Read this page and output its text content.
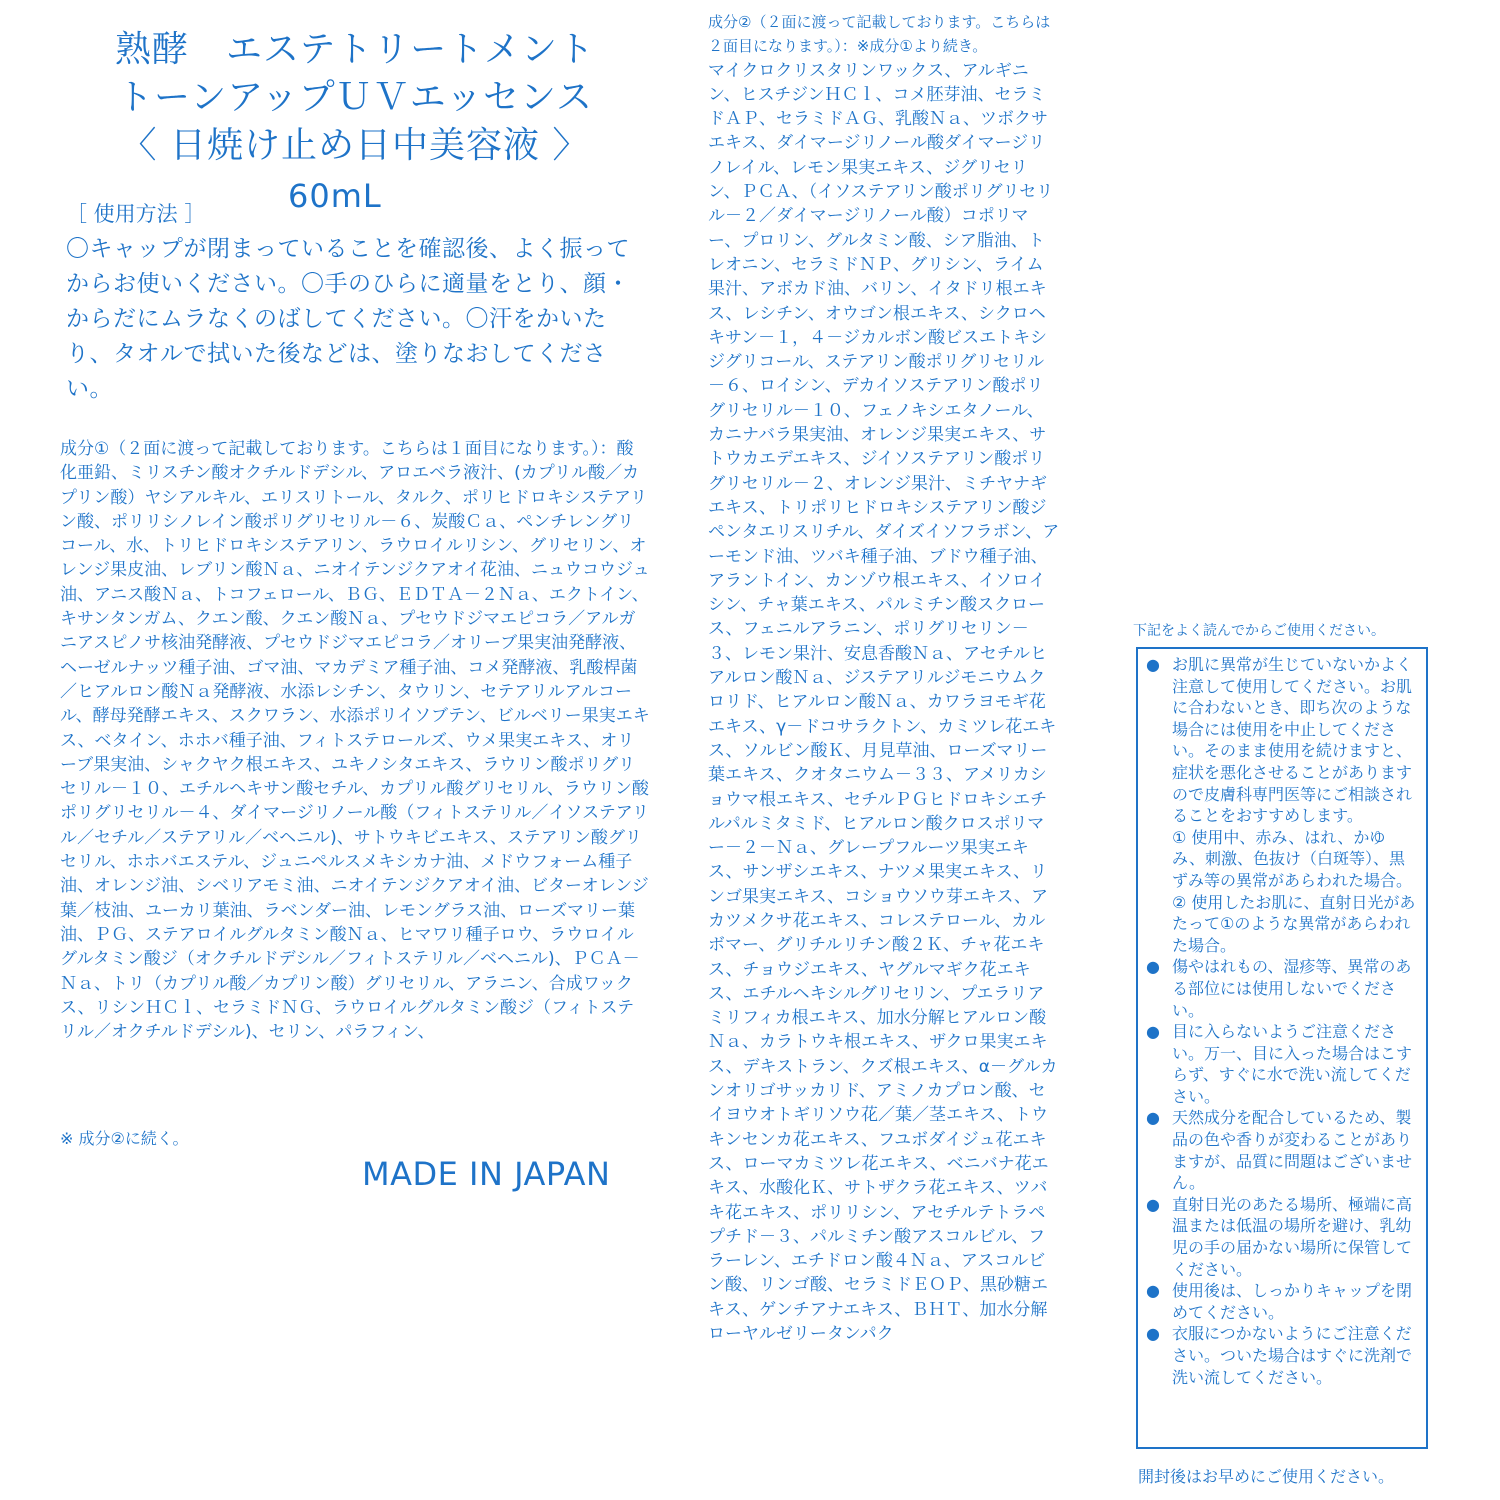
熟酵　エステトリートメント
トーンアップＵＶエッセンス
〈 日焼け止め日中美容液 〉
60mL
［ 使用方法 ］
〇キャップが閉まっていることを確認後、よく振ってからお使いください。〇手のひらに適量をとり、顔・からだにムラなくのばしてください。〇汗をかいたり、タオルで拭いた後などは、塗りなおしてください。
成分①（２面に渡って記載しております。こちらは１面目になります。）：酸化亜鉛、ミリスチン酸オクチルドデシル、アロエベラ液汁、(カプリル酸／カプリン酸）ヤシアルキル、エリスリトール、タルク、ポリヒドロキシステアリン酸、ポリリシノレイン酸ポリグリセリル－６、炭酸Ｃａ、ペンチレングリコール、水、トリヒドロキシステアリン、ラウロイルリシン、グリセリン、オレンジ果皮油、レブリン酸Ｎａ、ニオイテンジクアオイ花油、ニュウコウジュ油、アニス酸Ｎａ、トコフェロール、ＢＧ、ＥＤＴＡ－２Ｎａ、エクトイン、キサンタンガム、クエン酸、クエン酸Ｎａ、プセウドジマエピコラ／アルガニアスピノサ核油発酵液、プセウドジマエピコラ／オリーブ果実油発酵液、ヘーゼルナッツ種子油、ゴマ油、マカデミア種子油、コメ発酵液、乳酸桿菌／ヒアルロン酸Ｎａ発酵液、水添レシチン、タウリン、セテアリルアルコール、酵母発酵エキス、スクワラン、水添ポリイソブテン、ビルベリー果実エキス、ベタイン、ホホバ種子油、フィトステロールズ、ウメ果実エキス、オリーブ果実油、シャクヤク根エキス、ユキノシタエキス、ラウリン酸ポリグリセリル－１０、エチルヘキサン酸セチル、カプリル酸グリセリル、ラウリン酸ポリグリセリル－４、ダイマージリノール酸（フィトステリル／イソステアリル／セチル／ステアリル／ベヘニル)、サトウキビエキス、ステアリン酸グリセリル、ホホバエステル、ジュニペルスメキシカナ油、メドウフォーム種子油、オレンジ油、シベリアモミ油、ニオイテンジクアオイ油、ビターオレンジ葉／枝油、ユーカリ葉油、ラベンダー油、レモングラス油、ローズマリー葉油、ＰＧ、ステアロイルグルタミン酸Ｎａ、ヒマワリ種子ロウ、ラウロイルグルタミン酸ジ（オクチルドデシル／フィトステリル／ベヘニル)、ＰＣＡ－Ｎａ、トリ（カプリル酸／カプリン酸）グリセリル、アラニン、合成ワックス、リシンＨＣｌ、セラミドＮＧ、ラウロイルグルタミン酸ジ（フィトステリル／オクチルドデシル)、セリン、パラフィン、
※ 成分②に続く。
MADE IN JAPAN
成分②（２面に渡って記載しております。こちらは２面目になります。）：※成分①より続き。
マイクロクリスタリンワックス、アルギニン、ヒスチジンＨＣｌ、コメ胚芽油、セラミドＡＰ、セラミドＡＧ、乳酸Ｎａ、ツボクサエキス、ダイマージリノール酸ダイマージリノレイル、レモン果実エキス、ジグリセリン、ＰＣＡ、（イソステアリン酸ポリグリセリル－２／ダイマージリノール酸）コポリマー、プロリン、グルタミン酸、シア脂油、トレオニン、セラミドＮＰ、グリシン、ライム果汁、アボカド油、バリン、イタドリ根エキス、レシチン、オウゴン根エキス、シクロヘキサン－１，４－ジカルボン酸ビスエトキシジグリコール、ステアリン酸ポリグリセリル－６、ロイシン、デカイソステアリン酸ポリグリセリル－１０、フェノキシエタノール、カニナバラ果実油、オレンジ果実エキス、サトウカエデエキス、ジイソステアリン酸ポリグリセリル－２、オレンジ果汁、ミチヤナギエキス、トリポリヒドロキシステアリン酸ジペンタエリスリチル、ダイズイソフラボン、アーモンド油、ツバキ種子油、ブドウ種子油、アラントイン、カンゾウ根エキス、イソロイシン、チャ葉エキス、パルミチン酸スクロース、フェニルアラニン、ポリグリセリン－３、レモン果汁、安息香酸Ｎａ、アセチルヒアルロン酸Ｎａ、ジステアリルジモニウムクロリド、ヒアルロン酸Ｎａ、カワラヨモギ花エキス、γ－ドコサラクトン、カミツレ花エキス、ソルビン酸Ｋ、月見草油、ローズマリー葉エキス、クオタニウム－３３、アメリカショウマ根エキス、セチルＰＧヒドロキシエチルパルミタミド、ヒアルロン酸クロスポリマー－２－Ｎａ、グレープフルーツ果実エキス、サンザシエキス、ナツメ果実エキス、リンゴ果実エキス、コショウソウ芽エキス、アカツメクサ花エキス、コレステロール、カルボマー、グリチルリチン酸２Ｋ、チャ花エキス、チョウジエキス、ヤグルマギク花エキス、エチルヘキシルグリセリン、プエラリアミリフィカ根エキス、加水分解ヒアルロン酸Ｎａ、カラトウキ根エキス、ザクロ果実エキス、デキストラン、クズ根エキス、α－グルカンオリゴサッカリド、アミノカプロン酸、セイヨウオトギリソウ花／葉／茎エキス、トウキンセンカ花エキス、フユボダイジュ花エキス、ローマカミツレ花エキス、ベニバナ花エキス、水酸化Ｋ、サトザクラ花エキス、ツバキ花エキス、ポリリシン、アセチルテトラペプチド－３、パルミチン酸アスコルビル、フラーレン、エチドロン酸４Ｎａ、アスコルビン酸、リンゴ酸、セラミドＥＯＰ、黒砂糖エキス、ゲンチアナエキス、ＢＨＴ、加水分解ローヤルゼリータンパク
下記をよく読んでからご使用ください。
● お肌に異常が生じていないかよく注意して使用してください。お肌に合わないとき、即ち次のような場合には使用を中止してください。そのまま使用を続けますと、症状を悪化させることがありますので皮膚科専門医等にご相談されることをおすすめします。
① 使用中、赤み、はれ、かゆみ、刺激、色抜け（白斑等）、黒ずみ等の異常があらわれた場合。
② 使用したお肌に、直射日光があたって①のような異常があらわれた場合。
● 傷やはれもの、湿疹等、異常のある部位には使用しないでください。
● 目に入らないようご注意ください。万一、目に入った場合はこすらず、すぐに水で洗い流してください。
● 天然成分を配合しているため、製品の色や香りが変わることがありますが、品質に問題はございません。
● 直射日光のあたる場所、極端に高温または低温の場所を避け、乳幼児の手の届かない場所に保管してください。
● 使用後は、しっかりキャップを閉めてください。
● 衣服につかないようにご注意ください。ついた場合はすぐに洗剤で洗い流してください。
開封後はお早めにご使用ください。
